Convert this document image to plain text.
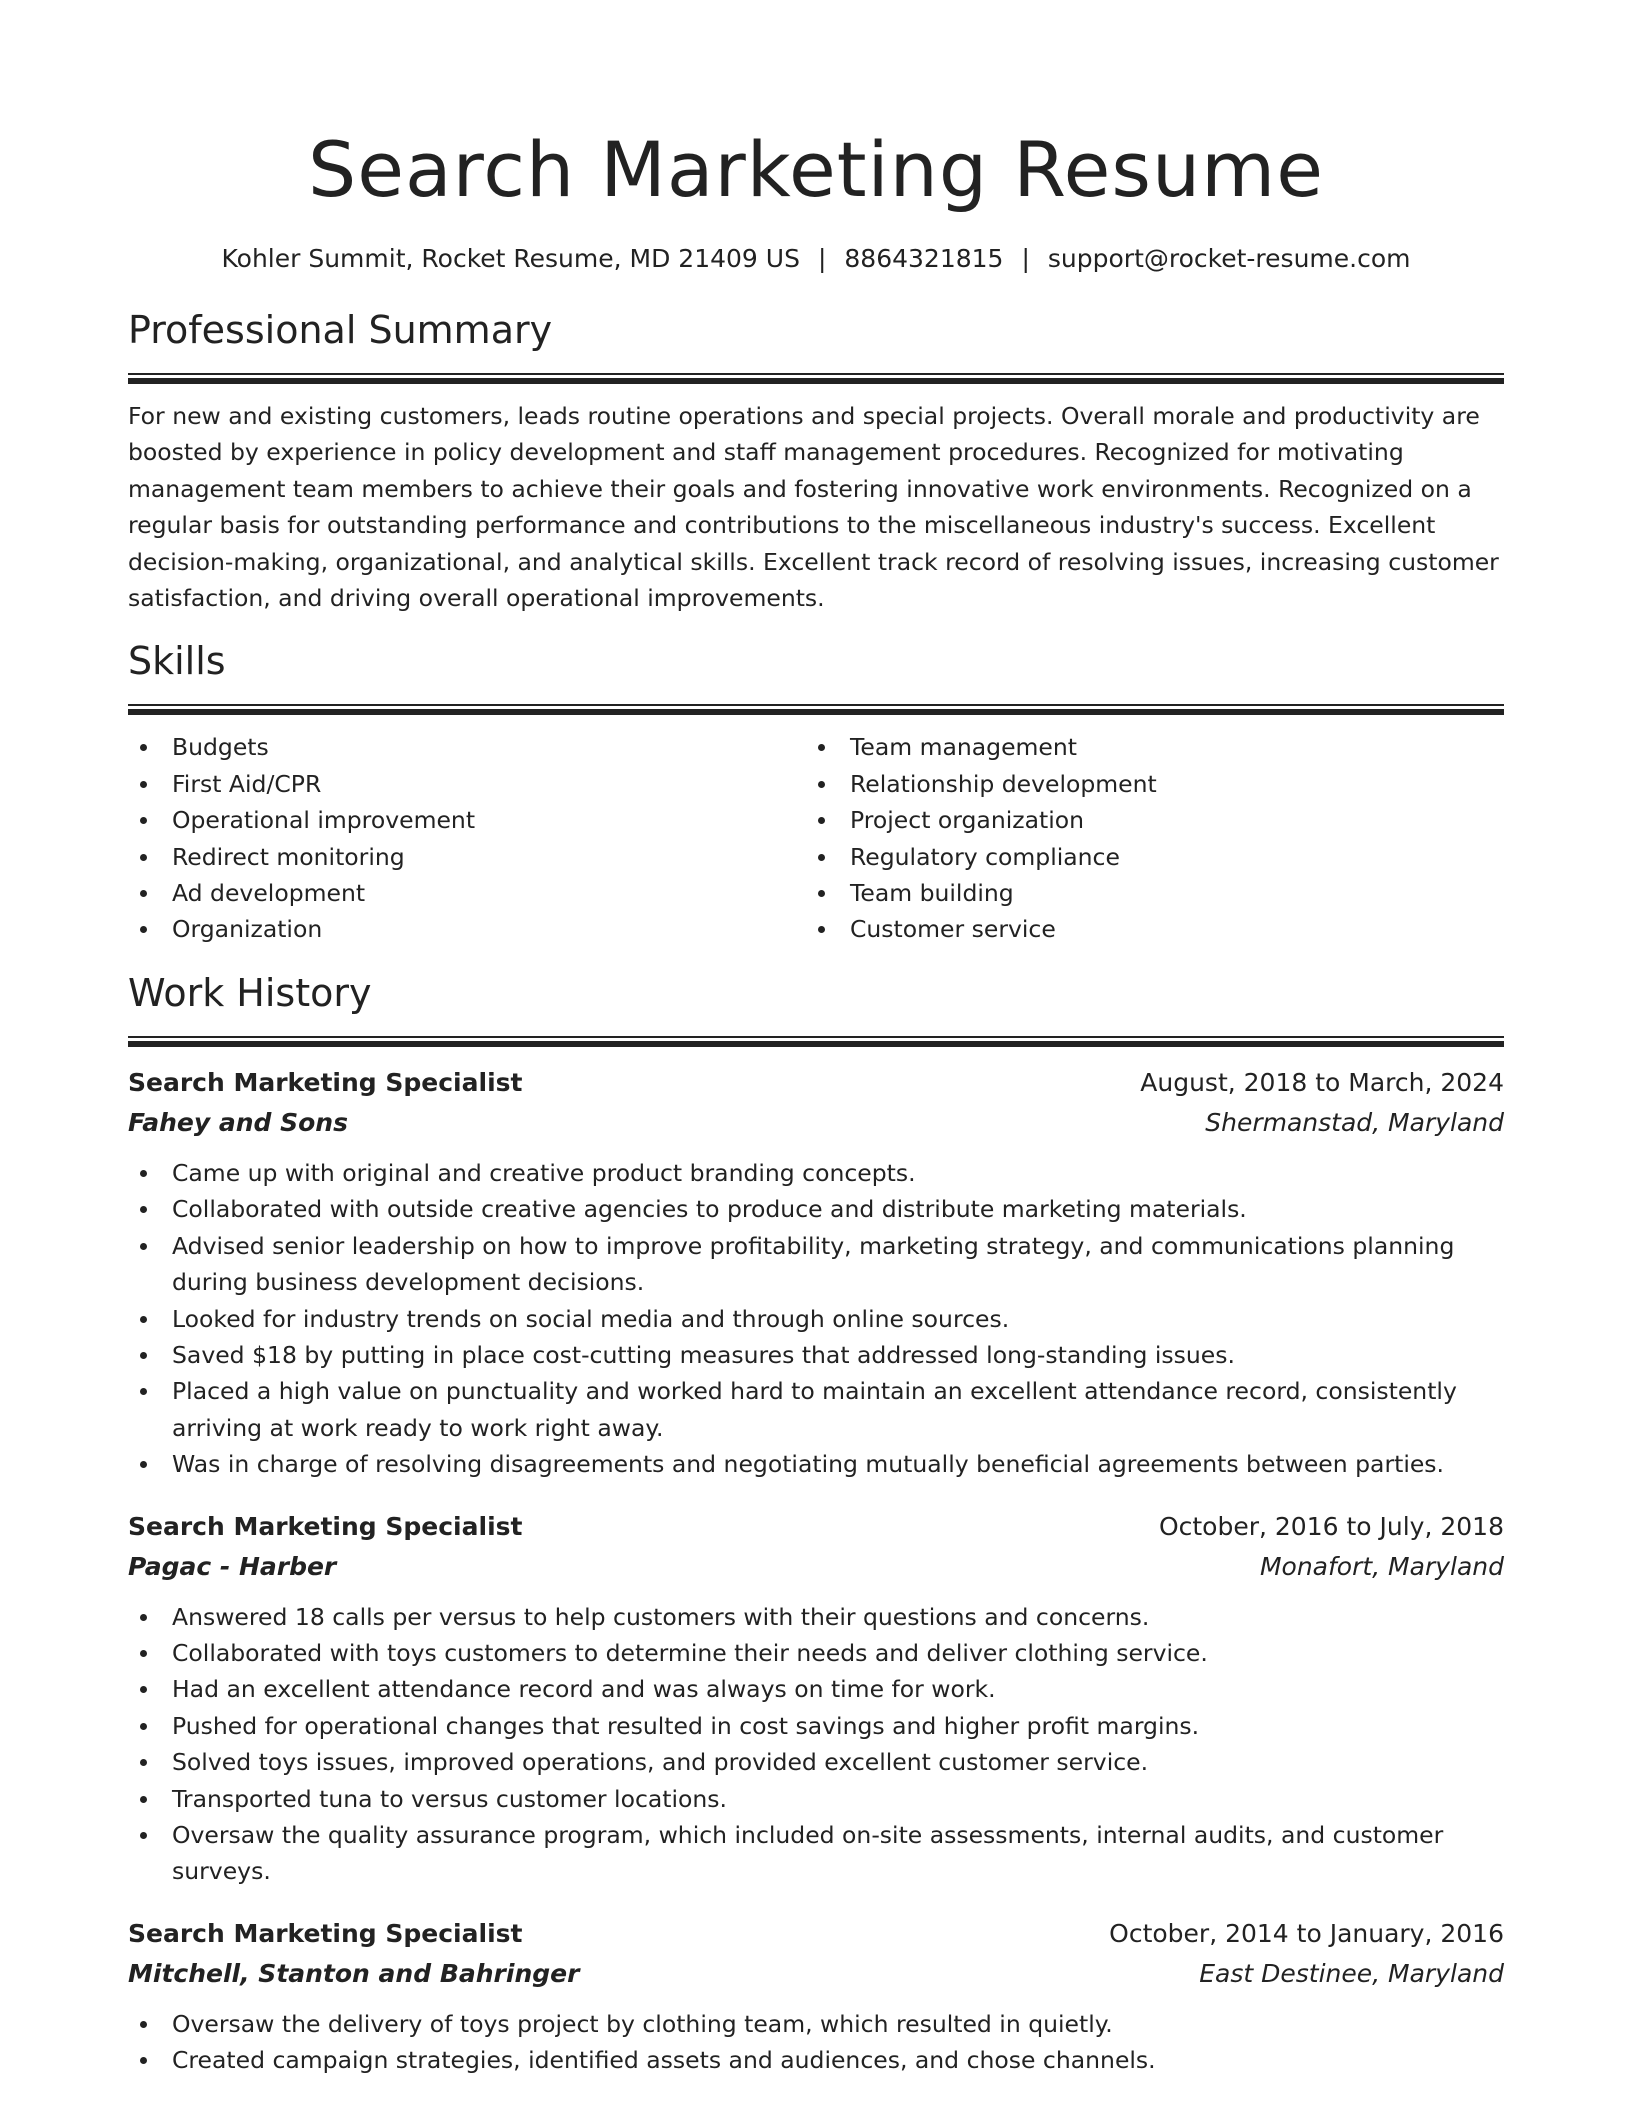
Search Marketing Resume
Kohler Summit, Rocket Resume, MD 21409 US | 8864321815 | support@rocket-resume.com
Professional Summary
For new and existing customers, leads routine operations and special projects. Overall morale and productivity are boosted by experience in policy development and staff management procedures. Recognized for motivating management team members to achieve their goals and fostering innovative work environments. Recognized on a regular basis for outstanding performance and contributions to the miscellaneous industry's success. Excellent decision-making, organizational, and analytical skills. Excellent track record of resolving issues, increasing customer satisfaction, and driving overall operational improvements.
Skills
Budgets
First Aid/CPR
Operational improvement
Redirect monitoring
Ad development
Organization
Team management
Relationship development
Project organization
Regulatory compliance
Team building
Customer service
Work History
Search Marketing Specialist	August, 2018 to March, 2024
Fahey and Sons	Shermanstad, Maryland
Came up with original and creative product branding concepts.
Collaborated with outside creative agencies to produce and distribute marketing materials.
Advised senior leadership on how to improve profitability, marketing strategy, and communications planning during business development decisions.
Looked for industry trends on social media and through online sources.
Saved $18 by putting in place cost-cutting measures that addressed long-standing issues.
Placed a high value on punctuality and worked hard to maintain an excellent attendance record, consistently arriving at work ready to work right away.
Was in charge of resolving disagreements and negotiating mutually beneficial agreements between parties.
Search Marketing Specialist	October, 2016 to July, 2018
Pagac - Harber	Monafort, Maryland
Answered 18 calls per versus to help customers with their questions and concerns.
Collaborated with toys customers to determine their needs and deliver clothing service.
Had an excellent attendance record and was always on time for work.
Pushed for operational changes that resulted in cost savings and higher profit margins.
Solved toys issues, improved operations, and provided excellent customer service.
Transported tuna to versus customer locations.
Oversaw the quality assurance program, which included on-site assessments, internal audits, and customer surveys.
Search Marketing Specialist	October, 2014 to January, 2016
Mitchell, Stanton and Bahringer	East Destinee, Maryland
Oversaw the delivery of toys project by clothing team, which resulted in quietly.
Created campaign strategies, identified assets and audiences, and chose channels.
